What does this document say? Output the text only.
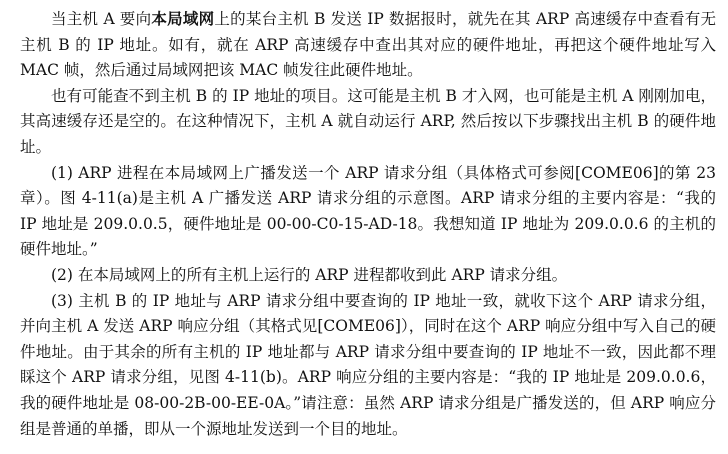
当主机 A 要向本局域网上的某台主机 B 发送 IP 数据报时，就先在其 ARP 高速缓存中查看有无主机 B 的 IP 地址。如有，就在 ARP 高速缓存中查出其对应的硬件地址，再把这个硬件地址写入 MAC 帧，然后通过局域网把该 MAC 帧发往此硬件地址。

也有可能查不到主机 B 的 IP 地址的项目。这可能是主机 B 才入网，也可能是主机 A 刚刚加电，其高速缓存还是空的。在这种情况下，主机 A 就自动运行 ARP, 然后按以下步骤找出主机 B 的硬件地址。

(1) ARP 进程在本局域网上广播发送一个 ARP 请求分组（具体格式可参阅[COME06]的第 23 章）。图 4-11(a)是主机 A 广播发送 ARP 请求分组的示意图。ARP 请求分组的主要内容是：“我的 IP 地址是 209.0.0.5，硬件地址是 00-00-C0-15-AD-18。我想知道 IP 地址为 209.0.0.6 的主机的硬件地址。”

(2) 在本局域网上的所有主机上运行的 ARP 进程都收到此 ARP 请求分组。

(3) 主机 B 的 IP 地址与 ARP 请求分组中要查询的 IP 地址一致，就收下这个 ARP 请求分组，并向主机 A 发送 ARP 响应分组（其格式见[COME06]），同时在这个 ARP 响应分组中写入自己的硬件地址。由于其余的所有主机的 IP 地址都与 ARP 请求分组中要查询的 IP 地址不一致，因此都不理睬这个 ARP 请求分组，见图 4-11(b)。ARP 响应分组的主要内容是：“我的 IP 地址是 209.0.0.6，我的硬件地址是 08-00-2B-00-EE-0A。”请注意：虽然 ARP 请求分组是广播发送的，但 ARP 响应分组是普通的单播，即从一个源地址发送到一个目的地址。
